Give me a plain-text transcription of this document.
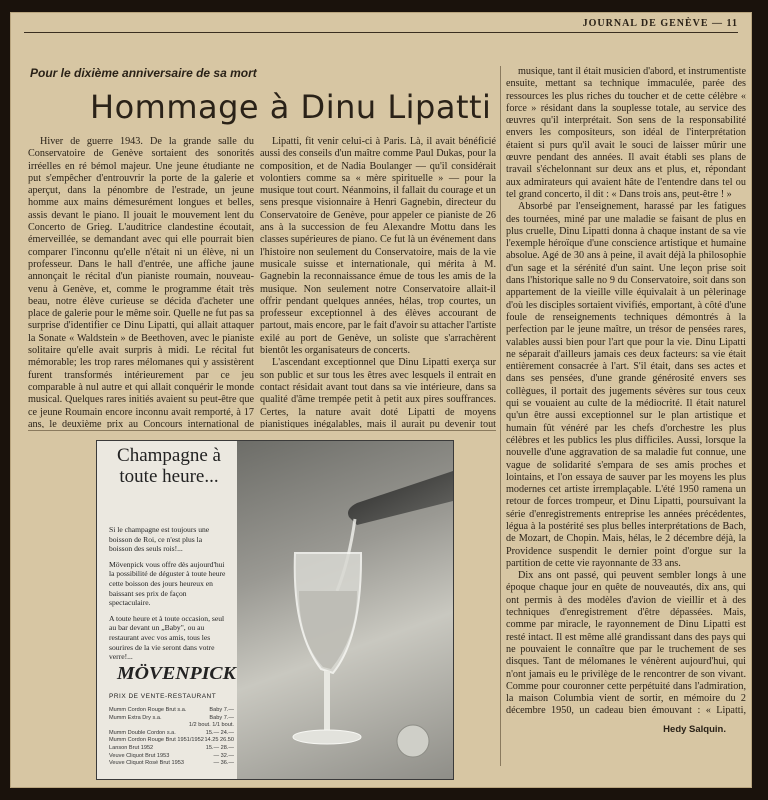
JOURNAL DE GENÈVE — 11
Pour le dixième anniversaire de sa mort
Hommage à Dinu Lipatti

Hiver de guerre 1943. De la grande salle du Conservatoire de Genève sortaient des sonorités irréelles en ré bémol majeur. Une jeune étudiante ne put s'empêcher d'entrouvrir la porte de la galerie et aperçut, dans la pénombre de l'estrade, un jeune homme aux mains démesurément longues et belles, assis devant le piano. Il jouait le mouvement lent du Concerto de Grieg. L'auditrice clandestine écoutait, émerveillée, se demandant avec qui elle pourrait bien comparer l'inconnu qu'elle n'était ni un élève, ni un professeur. Dans le hall d'entrée, une affiche jaune annonçait le récital d'un pianiste roumain, nouveau-venu à Genève, et, comme le programme était très beau, notre élève curieuse se décida d'acheter une place de galerie pour le même soir. Quelle ne fut pas sa surprise d'identifier ce Dinu Lipatti, qui allait attaquer la Sonate « Waldstein » de Beethoven, avec le pianiste solitaire qu'elle avait surpris à midi. Le récital fut mémorable; les trop rares mélomanes qui y assistèrent furent transformés intérieurement par ce jeu comparable à nul autre et qui allait conquérir le monde musical. Quelques rares initiés avaient su peut-être que ce jeune Roumain encore inconnu avait remporté, à 17 ans, le deuxième prix au Concours international de

Lipatti, fit venir celui-ci à Paris. Là, il avait bénéficié aussi des conseils d'un maître comme Paul Dukas, pour la composition, et de Nadia Boulanger — qu'il considérait volontiers comme sa « mère spirituelle » — pour la musique tout court. Néanmoins, il fallait du courage et un sens presque visionnaire à Henri Gagnebin, directeur du Conservatoire de Genève, pour appeler ce pianiste de 26 ans à la succession de feu Alexandre Mottu dans les classes supérieures de piano. Ce fut là un événement dans l'histoire non seulement du Conservatoire, mais de la vie musicale suisse et internationale, qui mérita à M. Gagnebin la reconnaissance émue de tous les amis de la musique. Non seulement notre Conservatoire allait-il offrir pendant quelques années, hélas, trop courtes, un professeur exceptionnel à des élèves accourant de partout, mais encore, par le fait d'avoir su attacher l'artiste exilé au port de Genève, un soliste que s'arrachèrent bientôt les organisateurs de concerts.

L'ascendant exceptionnel que Dinu Lipatti exerça sur son public et sur tous les êtres avec lesquels il entrait en contact résidait avant tout dans sa vie intérieure, dans sa qualité d'âme trempée petit à petit aux pires souffrances. Certes, la nature avait doté Lipatti de moyens pianistiques inégalables, mais il aurait pu devenir tout

musique, tant il était musicien d'abord, et instrumentiste ensuite, mettant sa technique immaculée, parée des ressources les plus riches du toucher et de cette célèbre « force » résidant dans la souplesse totale, au service des œuvres qu'il interprétait. Son sens de la responsabilité envers les compositeurs, son idéal de l'interprétation étaient si purs qu'il avait le souci de laisser mûrir une œuvre pendant des années. Il avait établi ses plans de travail s'échelonnant sur deux ans et plus, et, répondant aux admirateurs qui avaient hâte de l'entendre dans tel ou tel grand concerto, il dit : « Dans trois ans, peut-être ! »

Absorbé par l'enseignement, harassé par les fatigues des tournées, miné par une maladie se faisant de plus en plus cruelle, Dinu Lipatti donna à chaque instant de sa vie l'exemple héroïque d'une conscience artistique et humaine absolue. Agé de 30 ans à peine, il avait déjà la philosophie d'un sage et la sérénité d'un saint. Une leçon prise soit dans l'historique salle no 9 du Conservatoire, soit dans son appartement de la vieille ville équivalait à un pèlerinage d'où les disciples sortaient vivifiés, emportant, à côté d'une foule de renseignements techniques démontrés à la perfection par le jeune maître, un trésor de pensées rares, valables aussi bien pour l'art que pour la vie. Dinu Lipatti ne séparait d'ailleurs jamais ces deux facteurs: sa vie était entièrement consacrée à l'art. S'il était, dans ses actes et dans ses pensées, d'une grande générosité envers ses collègues, il portait des jugements sévères sur tous ceux qui se vouaient au culte de la médiocrité. Il était naturel qu'un être aussi exceptionnel sur le plan artistique et humain fût vénéré par les chefs d'orchestre les plus célèbres et les publics les plus difficiles. Aussi, lorsque la nouvelle d'une aggravation de sa maladie fut connue, une vague de solidarité s'empara de ses amis proches et lointains, et l'on essaya de sauver par les moyens les plus modernes cet artiste irremplaçable. L'été 1950 ramena un retour de forces trompeur, et Dinu Lipatti, poursuivant la série d'enregistrements entreprise les années précédentes, légua à la postérité ses plus belles interprétations de Bach, de Mozart, de Chopin. Mais, hélas, le 2 décembre déjà, la Providence suspendit le dernier point d'orgue sur la partition de cette vie rayonnante de 33 ans.

Dix ans ont passé, qui peuvent sembler longs à une époque chaque jour en quête de nouveautés, dix ans, qui ont permis à des modèles d'avion de vieillir et à des techniques d'enregistrement d'être dépassées. Mais, comme par miracle, le rayonnement de Dinu Lipatti est resté intact. Il est même allé grandissant dans des pays qui ne pouvaient le connaître que par le truchement de ses disques. Tant de mélomanes le vénèrent aujourd'hui, qui n'ont jamais eu le privilège de le rencontrer de son vivant. Comme pour couronner cette perpétuité dans l'admiration, la maison Columbia vient de sortir, en mémoire du 2 décembre 1950, un cadeau bien émouvant : « Lipatti,

Hedy Salquin.
Champagne à toute heure...

Si le champagne est toujours une boisson de Roi, ce n'est plus la boisson des seuls rois!...

Mövenpick vous offre dès aujourd'hui la possibilité de déguster à toute heure cette boisson des jours heureux en baissant ses prix de façon spectaculaire.

A toute heure et à toute occasion, seul au bar devant un „Baby", ou au restaurant avec vos amis, tous les sourires de la vie seront dans votre verre!...

MÖVENPICK
PRIX DE VENTE-RESTAURANT
Mumm Cordon Rouge Brut s.a.	Baby 7.—
Mumm Extra Dry s.a.	Baby 7.—
1/2 bout. 1/1 bout.
Mumm Double Cordon s.a.	15.— 24.—
Mumm Cordon Rouge Brut 1951/1952 14.25 26.50
Lanson Brut 1952	15.— 28.—
Veuve Cliquot Brut 1953	— 32.—
Veuve Cliquot Rosé Brut 1953	— 36.—
